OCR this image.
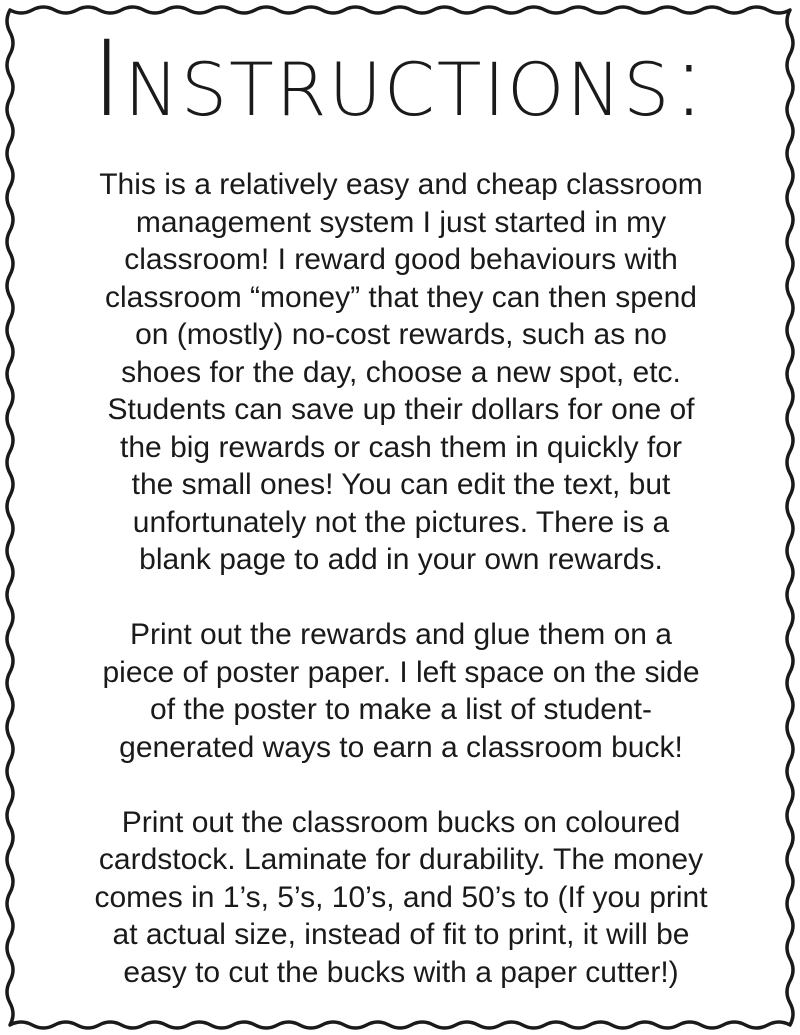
Instructions:
This is a relatively easy and cheap classroom
management system I just started in my
classroom! I reward good behaviours with
classroom “money” that they can then spend
on (mostly) no-cost rewards, such as no
shoes for the day, choose a new spot, etc.
Students can save up their dollars for one of
the big rewards or cash them in quickly for
the small ones! You can edit the text, but
unfortunately not the pictures. There is a
blank page to add in your own rewards.
Print out the rewards and glue them on a
piece of poster paper. I left space on the side
of the poster to make a list of student-
generated ways to earn a classroom buck!
Print out the classroom bucks on coloured
cardstock. Laminate for durability. The money
comes in 1’s, 5’s, 10’s, and 50’s to (If you print
at actual size, instead of fit to print, it will be
easy to cut the bucks with a paper cutter!)
